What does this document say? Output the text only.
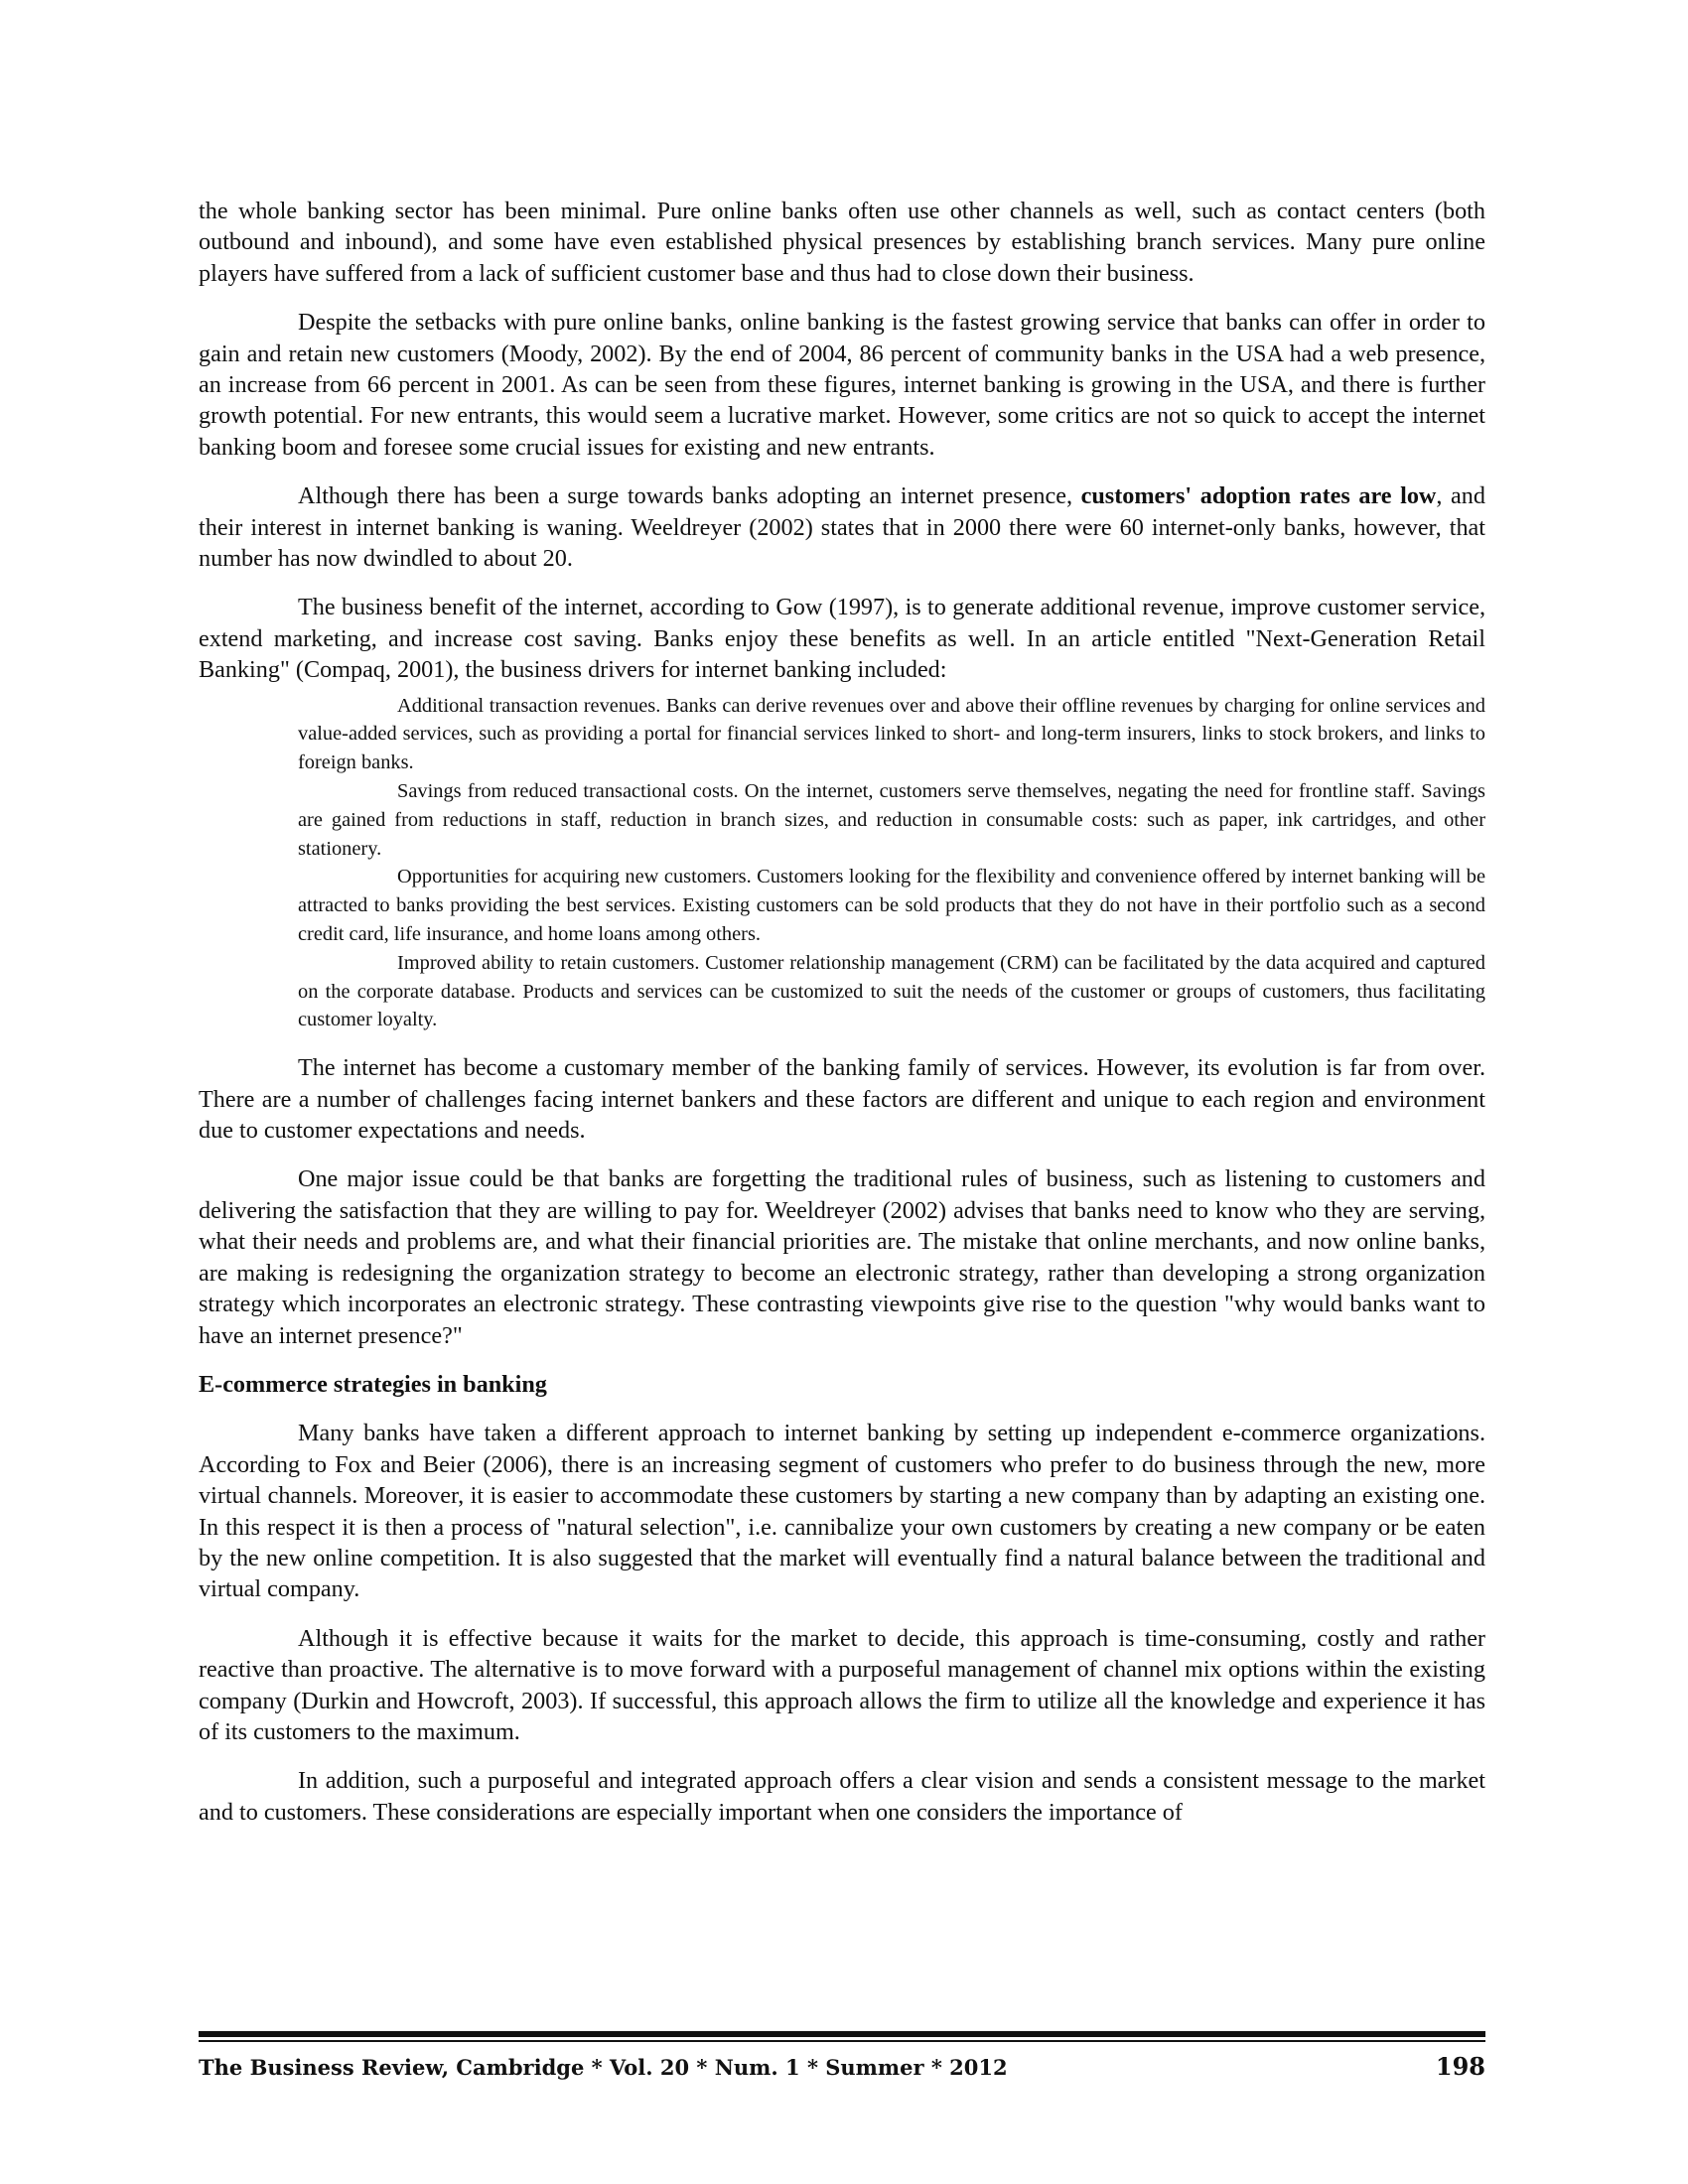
the whole banking sector has been minimal. Pure online banks often use other channels as well, such as contact centers (both outbound and inbound), and some have even established physical presences by establishing branch services. Many pure online players have suffered from a lack of sufficient customer base and thus had to close down their business.

Despite the setbacks with pure online banks, online banking is the fastest growing service that banks can offer in order to gain and retain new customers (Moody, 2002). By the end of 2004, 86 percent of community banks in the USA had a web presence, an increase from 66 percent in 2001. As can be seen from these figures, internet banking is growing in the USA, and there is further growth potential. For new entrants, this would seem a lucrative market. However, some critics are not so quick to accept the internet banking boom and foresee some crucial issues for existing and new entrants.

Although there has been a surge towards banks adopting an internet presence, customers' adoption rates are low, and their interest in internet banking is waning. Weeldreyer (2002) states that in 2000 there were 60 internet-only banks, however, that number has now dwindled to about 20.

The business benefit of the internet, according to Gow (1997), is to generate additional revenue, improve customer service, extend marketing, and increase cost saving. Banks enjoy these benefits as well. In an article entitled "Next-Generation Retail Banking" (Compaq, 2001), the business drivers for internet banking included:

Additional transaction revenues. Banks can derive revenues over and above their offline revenues by charging for online services and value-added services, such as providing a portal for financial services linked to short- and long-term insurers, links to stock brokers, and links to foreign banks.

Savings from reduced transactional costs. On the internet, customers serve themselves, negating the need for frontline staff. Savings are gained from reductions in staff, reduction in branch sizes, and reduction in consumable costs: such as paper, ink cartridges, and other stationery.

Opportunities for acquiring new customers. Customers looking for the flexibility and convenience offered by internet banking will be attracted to banks providing the best services. Existing customers can be sold products that they do not have in their portfolio such as a second credit card, life insurance, and home loans among others.

Improved ability to retain customers. Customer relationship management (CRM) can be facilitated by the data acquired and captured on the corporate database. Products and services can be customized to suit the needs of the customer or groups of customers, thus facilitating customer loyalty.

The internet has become a customary member of the banking family of services. However, its evolution is far from over. There are a number of challenges facing internet bankers and these factors are different and unique to each region and environment due to customer expectations and needs.

One major issue could be that banks are forgetting the traditional rules of business, such as listening to customers and delivering the satisfaction that they are willing to pay for. Weeldreyer (2002) advises that banks need to know who they are serving, what their needs and problems are, and what their financial priorities are. The mistake that online merchants, and now online banks, are making is redesigning the organization strategy to become an electronic strategy, rather than developing a strong organization strategy which incorporates an electronic strategy. These contrasting viewpoints give rise to the question "why would banks want to have an internet presence?"

E-commerce strategies in banking

Many banks have taken a different approach to internet banking by setting up independent e-commerce organizations. According to Fox and Beier (2006), there is an increasing segment of customers who prefer to do business through the new, more virtual channels. Moreover, it is easier to accommodate these customers by starting a new company than by adapting an existing one. In this respect it is then a process of "natural selection", i.e. cannibalize your own customers by creating a new company or be eaten by the new online competition. It is also suggested that the market will eventually find a natural balance between the traditional and virtual company.

Although it is effective because it waits for the market to decide, this approach is time-consuming, costly and rather reactive than proactive. The alternative is to move forward with a purposeful management of channel mix options within the existing company (Durkin and Howcroft, 2003). If successful, this approach allows the firm to utilize all the knowledge and experience it has of its customers to the maximum.

In addition, such a purposeful and integrated approach offers a clear vision and sends a consistent message to the market and to customers. These considerations are especially important when one considers the importance of

The Business Review, Cambridge * Vol. 20 * Num. 1 * Summer * 2012	198
